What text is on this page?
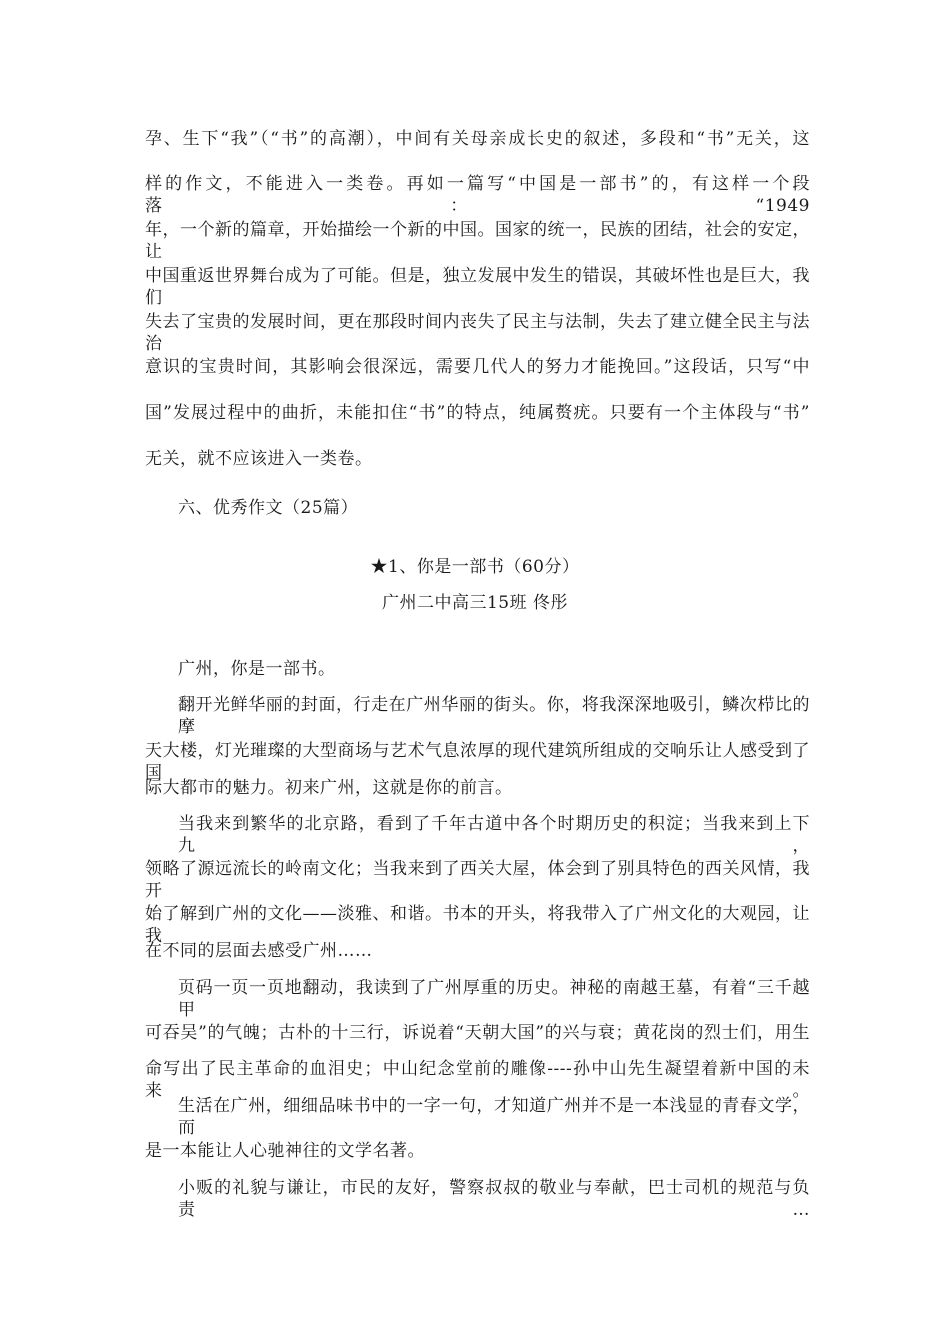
孕、生下“我”（“书”的高潮），中间有关母亲成长史的叙述，多段和“书”无关，这
样的作文，不能进入一类卷。再如一篇写“中国是一部书”的，有这样一个段落：“1949
年，一个新的篇章，开始描绘一个新的中国。国家的统一，民族的团结，社会的安定，让
中国重返世界舞台成为了可能。但是，独立发展中发生的错误，其破坏性也是巨大，我们
失去了宝贵的发展时间，更在那段时间内丧失了民主与法制，失去了建立健全民主与法治
意识的宝贵时间，其影响会很深远，需要几代人的努力才能挽回。”这段话，只写“中
国”发展过程中的曲折，未能扣住“书”的特点，纯属赘疣。只要有一个主体段与“书”
无关，就不应该进入一类卷。
六、优秀作文（25篇）
★1、你是一部书（60分）
广州二中高三15班 佟彤
广州，你是一部书。
翻开光鲜华丽的封面，行走在广州华丽的街头。你，将我深深地吸引，鳞次栉比的摩
天大楼，灯光璀璨的大型商场与艺术气息浓厚的现代建筑所组成的交响乐让人感受到了国
际大都市的魅力。初来广州，这就是你的前言。
当我来到繁华的北京路，看到了千年古道中各个时期历史的积淀；当我来到上下九，
领略了源远流长的岭南文化；当我来到了西关大屋，体会到了别具特色的西关风情，我开
始了解到广州的文化——淡雅、和谐。书本的开头，将我带入了广州文化的大观园，让我
在不同的层面去感受广州……
页码一页一页地翻动，我读到了广州厚重的历史。神秘的南越王墓，有着“三千越甲
可吞吴”的气魄；古朴的十三行，诉说着“天朝大国”的兴与衰；黄花岗的烈士们，用生
命写出了民主革命的血泪史；中山纪念堂前的雕像----孙中山先生凝望着新中国的未来。
生活在广州，细细品味书中的一字一句，才知道广州并不是一本浅显的青春文学，而
是一本能让人心驰神往的文学名著。
小贩的礼貌与谦让，市民的友好，警察叔叔的敬业与奉献，巴士司机的规范与负责…
